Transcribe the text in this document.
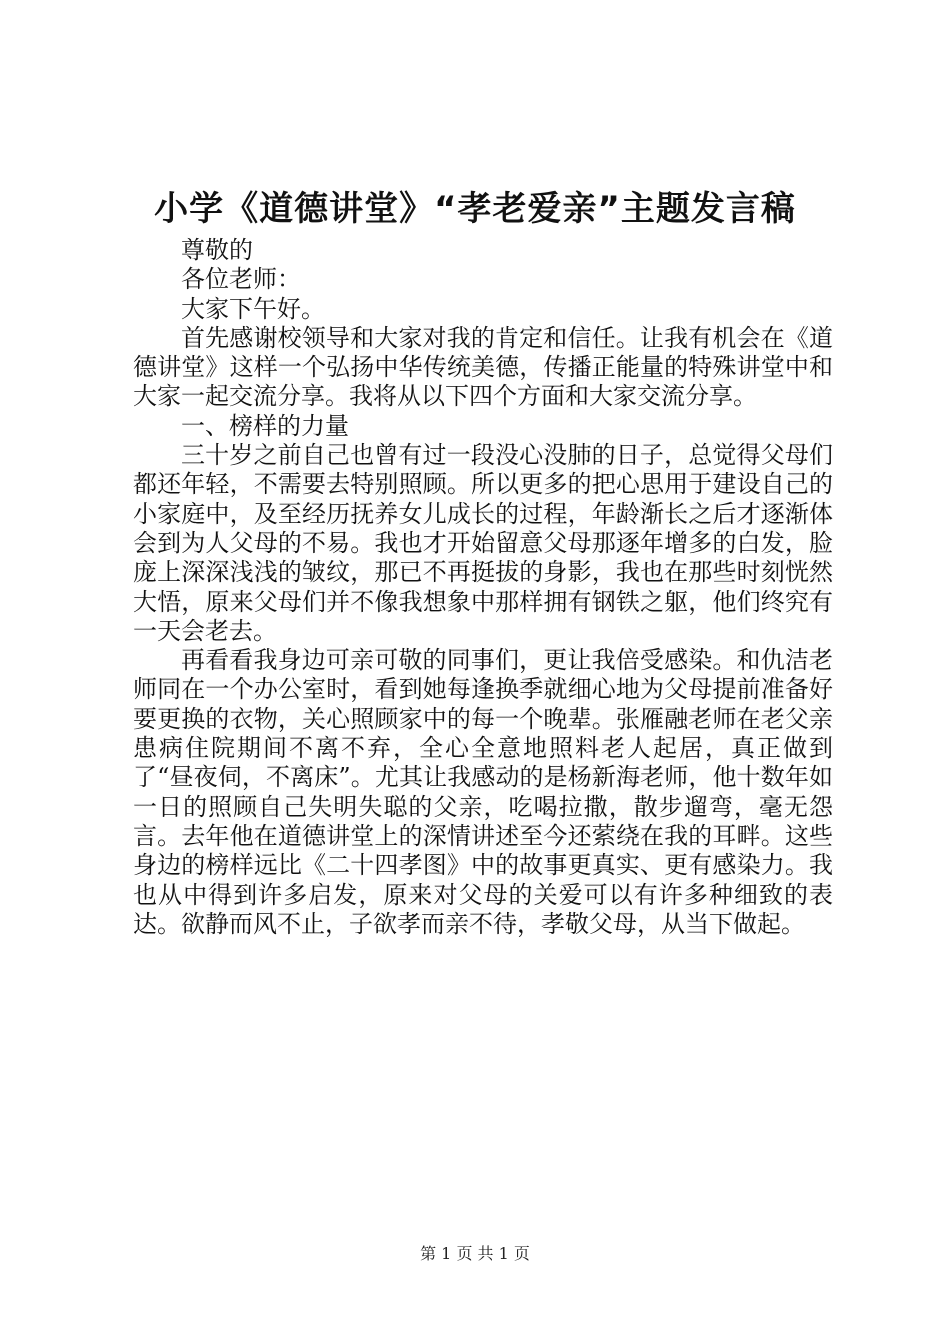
小学《道德讲堂》“孝老爱亲”主题发言稿

尊敬的

各位老师：

大家下午好。

首先感谢校领导和大家对我的肯定和信任。让我有机会在《道德讲堂》这样一个弘扬中华传统美德，传播正能量的特殊讲堂中和大家一起交流分享。我将从以下四个方面和大家交流分享。

一、榜样的力量

三十岁之前自己也曾有过一段没心没肺的日子，总觉得父母们都还年轻，不需要去特别照顾。所以更多的把心思用于建设自己的小家庭中，及至经历抚养女儿成长的过程，年龄渐长之后才逐渐体会到为人父母的不易。我也才开始留意父母那逐年增多的白发，脸庞上深深浅浅的皱纹，那已不再挺拔的身影，我也在那些时刻恍然大悟，原来父母们并不像我想象中那样拥有钢铁之躯，他们终究有一天会老去。

再看看我身边可亲可敬的同事们，更让我倍受感染。和仇洁老师同在一个办公室时，看到她每逢换季就细心地为父母提前准备好要更换的衣物，关心照顾家中的每一个晚辈。张雁融老师在老父亲患病住院期间不离不弃，全心全意地照料老人起居，真正做到了“昼夜伺，不离床”。尤其让我感动的是杨新海老师，他十数年如一日的照顾自己失明失聪的父亲，吃喝拉撒，散步遛弯，毫无怨言。去年他在道德讲堂上的深情讲述至今还萦绕在我的耳畔。这些身边的榜样远比《二十四孝图》中的故事更真实、更有感染力。我也从中得到许多启发，原来对父母的关爱可以有许多种细致的表达。欲静而风不止，子欲孝而亲不待，孝敬父母，从当下做起。

第 1 页 共 1 页
